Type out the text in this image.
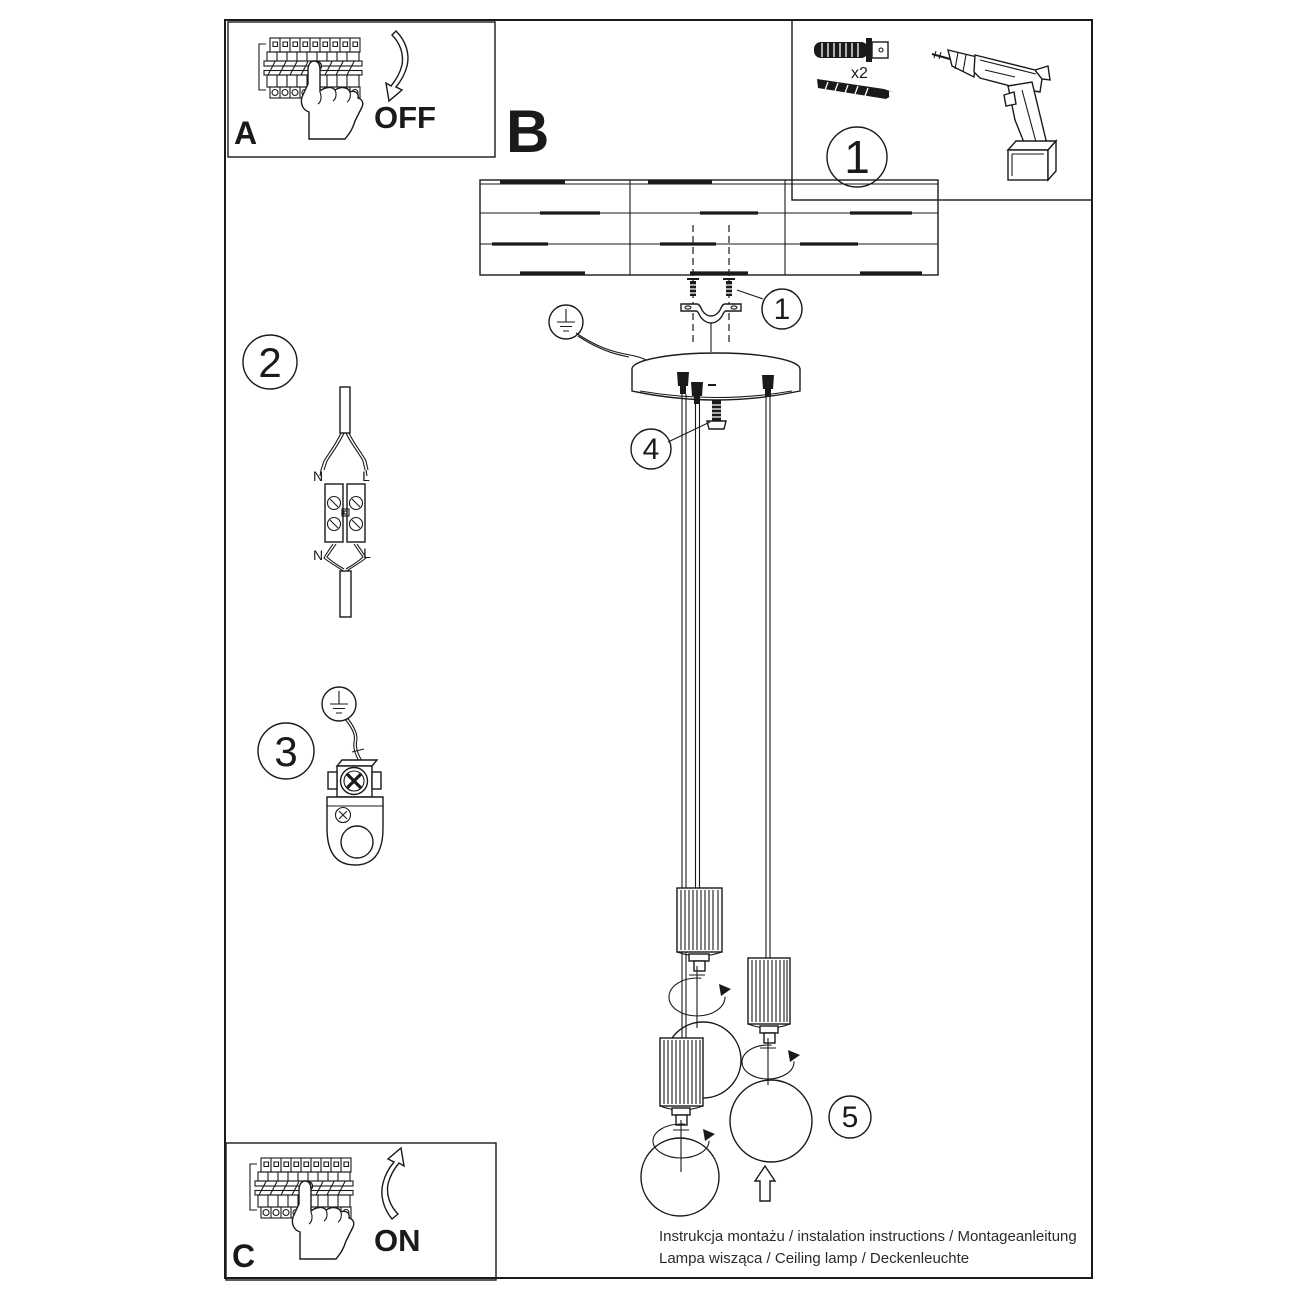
1
4
5
N	L
N	L
2
3
A	OFF
C	ON
x2
1
B
Instrukcja montażu / instalation instructions / Montageanleitung
Lampa wisząca / Ceiling lamp / Deckenleuchte
